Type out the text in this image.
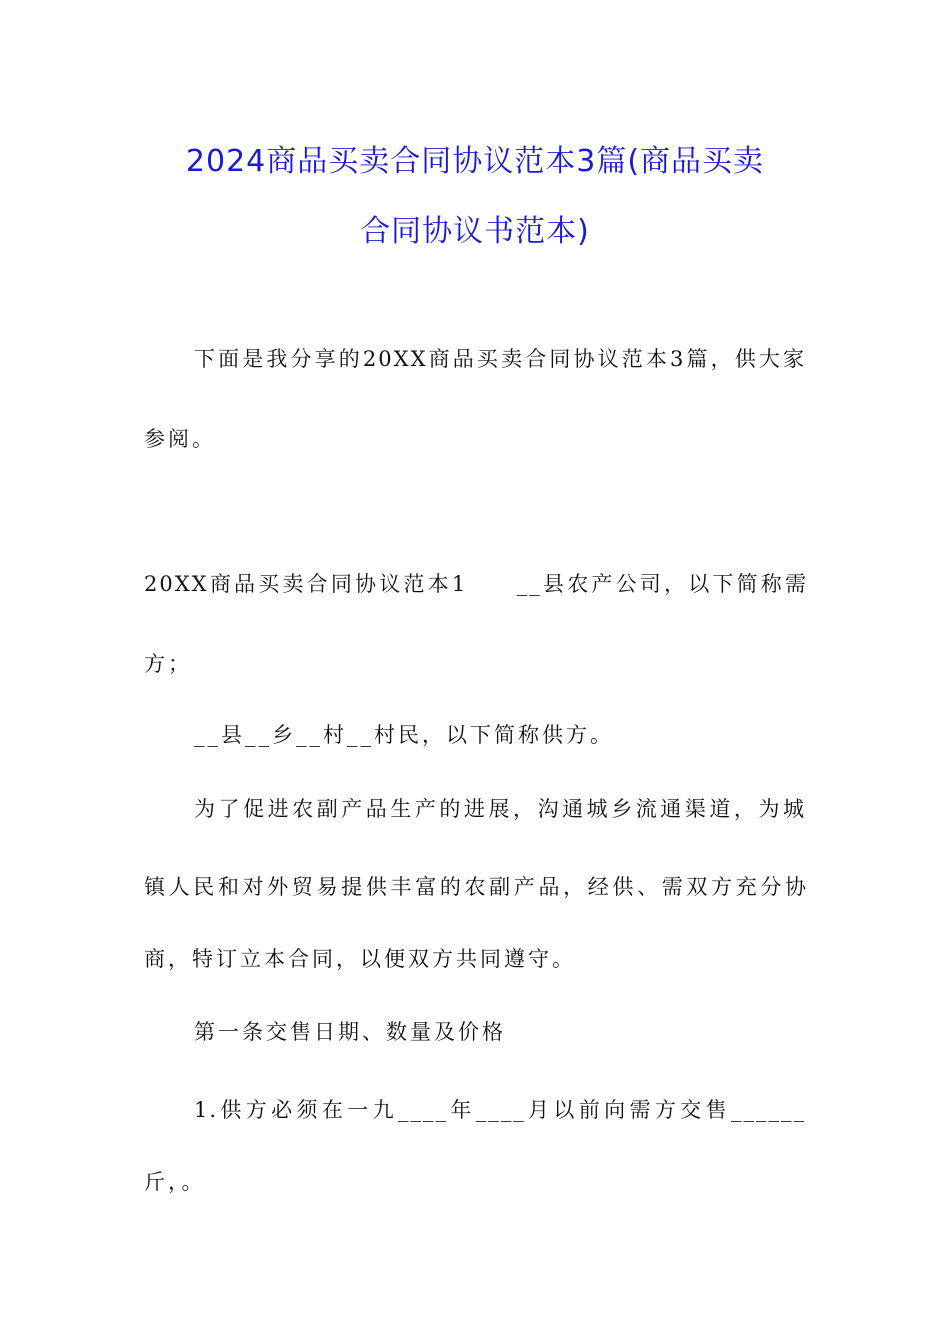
2024商品买卖合同协议范本3篇(商品买卖
合同协议书范本)
下面是我分享的20XX商品买卖合同协议范本3篇，供大家
参阅。
20XX商品买卖合同协议范本1　　__县农产公司，以下简称需
方；
__县__乡__村__村民，以下简称供方。
为了促进农副产品生产的进展，沟通城乡流通渠道，为城
镇人民和对外贸易提供丰富的农副产品，经供、需双方充分协
商，特订立本合同，以便双方共同遵守。
第一条交售日期、数量及价格
1.供方必须在一九____年____月以前向需方交售______
斤，。
